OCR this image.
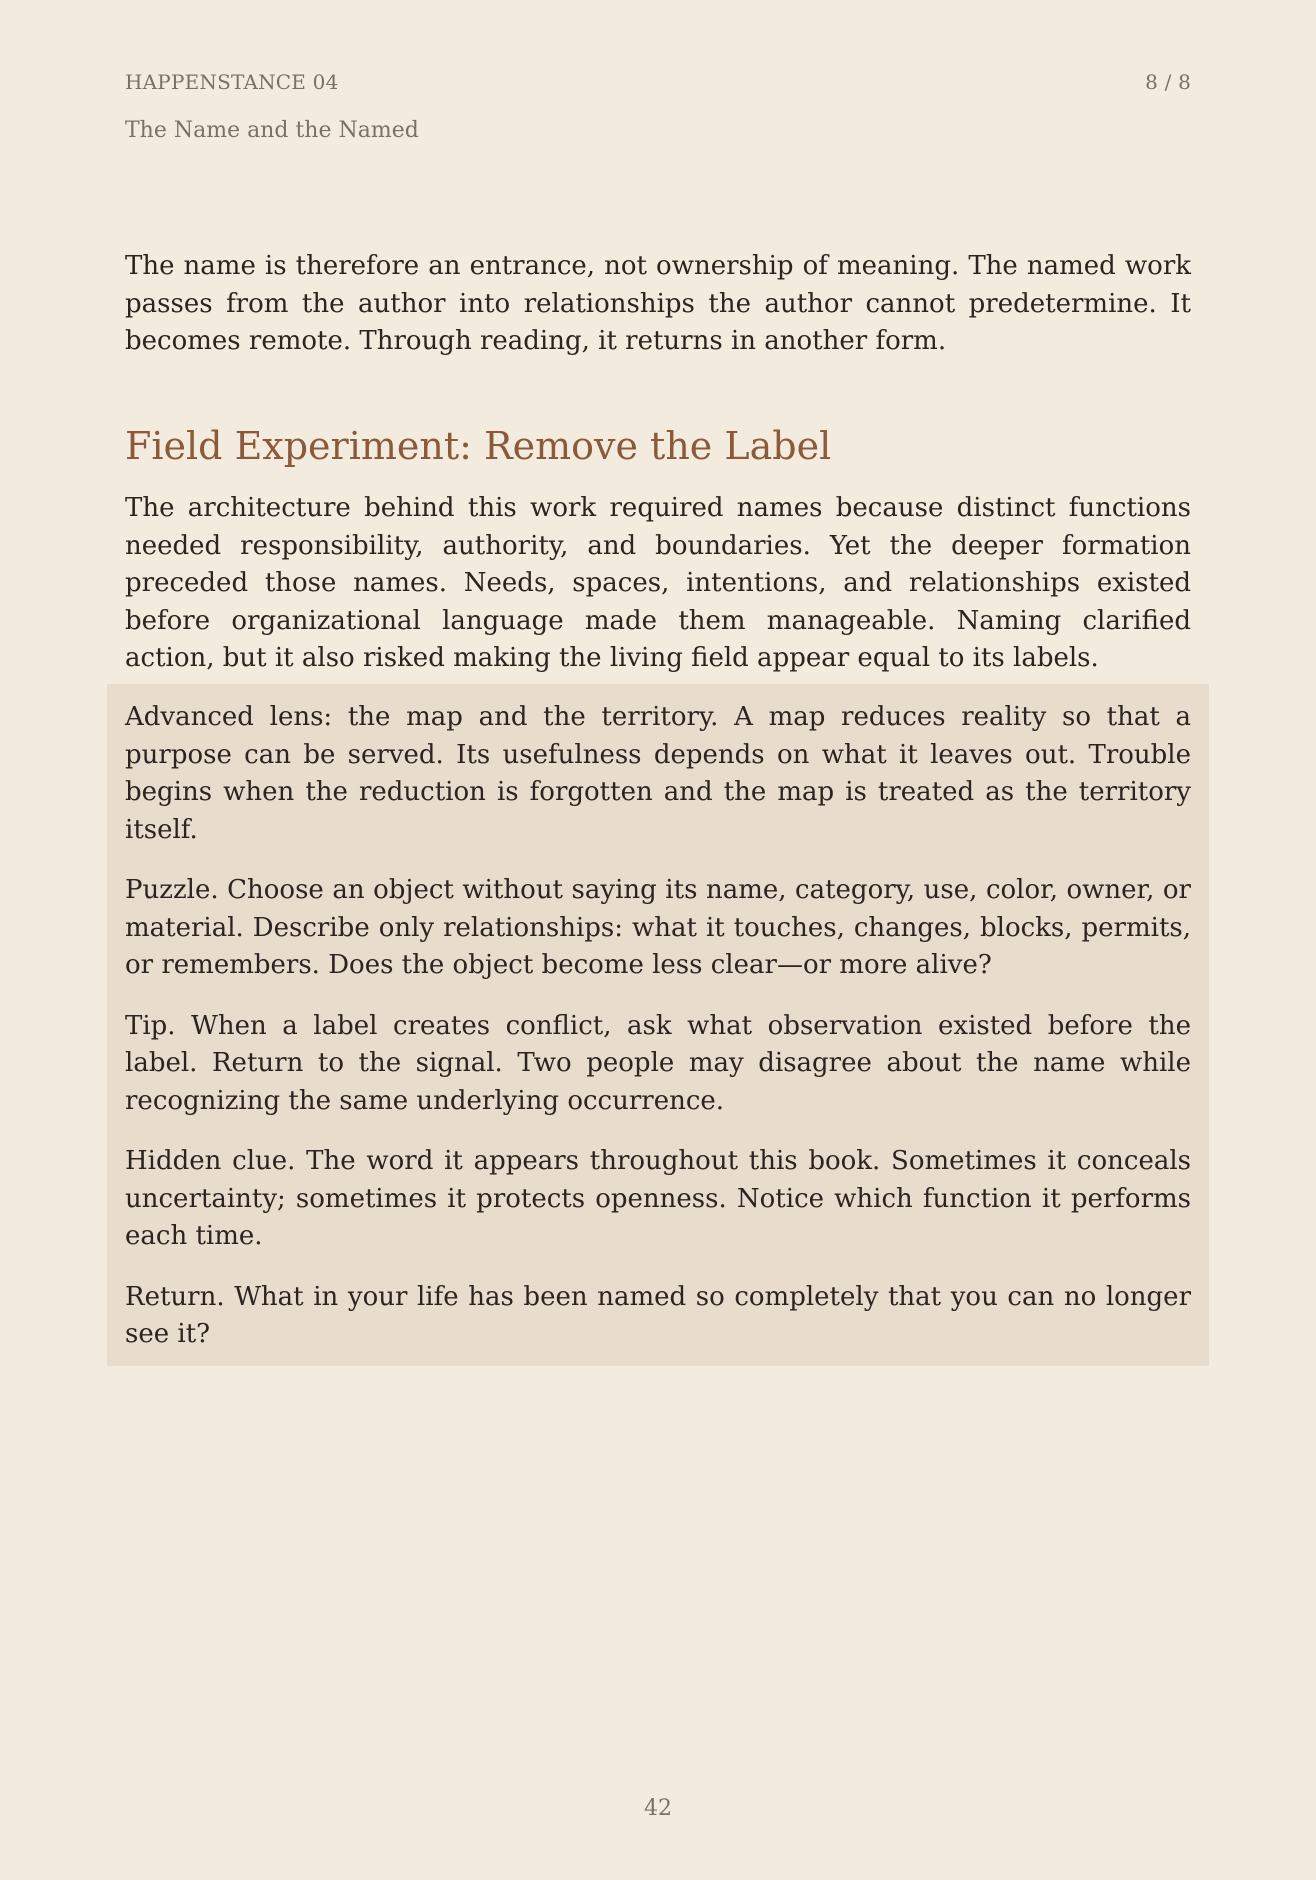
HAPPENSTANCE 04	8 / 8
The Name and the Named

The name is therefore an entrance, not ownership of meaning. The named work passes from the author into relationships the author cannot predetermine. It becomes remote. Through reading, it returns in another form.

Field Experiment: Remove the Label

The architecture behind this work required names because distinct functions needed responsibility, authority, and boundaries. Yet the deeper formation preceded those names. Needs, spaces, intentions, and relationships existed before organizational language made them manageable. Naming clarified action, but it also risked making the living field appear equal to its labels.

Advanced lens: the map and the territory. A map reduces reality so that a purpose can be served. Its usefulness depends on what it leaves out. Trouble begins when the reduction is forgotten and the map is treated as the territory itself.

Puzzle. Choose an object without saying its name, category, use, color, owner, or material. Describe only relationships: what it touches, changes, blocks, permits, or remembers. Does the object become less clear—or more alive?

Tip. When a label creates conflict, ask what observation existed before the label. Return to the signal. Two people may disagree about the name while recognizing the same underlying occurrence.

Hidden clue. The word it appears throughout this book. Sometimes it conceals uncertainty; sometimes it protects openness. Notice which function it performs each time.

Return. What in your life has been named so completely that you can no longer see it?

42
